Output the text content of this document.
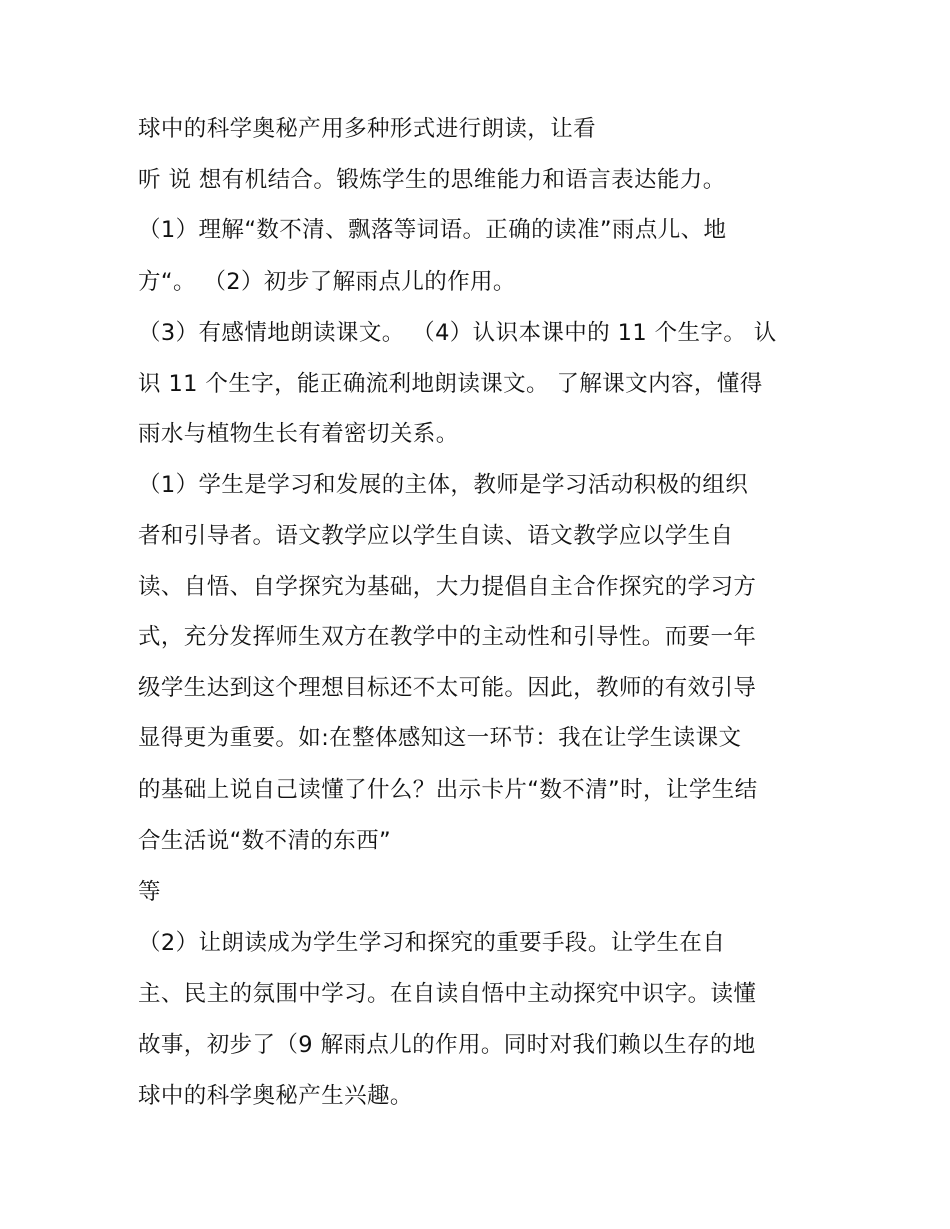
球中的科学奥秘产用多种形式进行朗读，让看

听 说 想有机结合。锻炼学生的思维能力和语言表达能力。

（1）理解“数不清、飘落等词语。正确的读准”雨点儿、地

方“。 （2）初步了解雨点儿的作用。

（3）有感情地朗读课文。 （4）认识本课中的 11 个生字。 认

识 11 个生字，能正确流利地朗读课文。 了解课文内容，懂得

雨水与植物生长有着密切关系。

（1）学生是学习和发展的主体，教师是学习活动积极的组织

者和引导者。语文教学应以学生自读、语文教学应以学生自

读、自悟、自学探究为基础，大力提倡自主合作探究的学习方

式，充分发挥师生双方在教学中的主动性和引导性。而要一年

级学生达到这个理想目标还不太可能。因此，教师的有效引导

显得更为重要。如:在整体感知这一环节：我在让学生读课文

的基础上说自己读懂了什么？出示卡片“数不清”时，让学生结

合生活说“数不清的东西”

等

（2）让朗读成为学生学习和探究的重要手段。让学生在自

主、民主的氛围中学习。在自读自悟中主动探究中识字。读懂

故事，初步了（9 解雨点儿的作用。同时对我们赖以生存的地

球中的科学奥秘产生兴趣。
